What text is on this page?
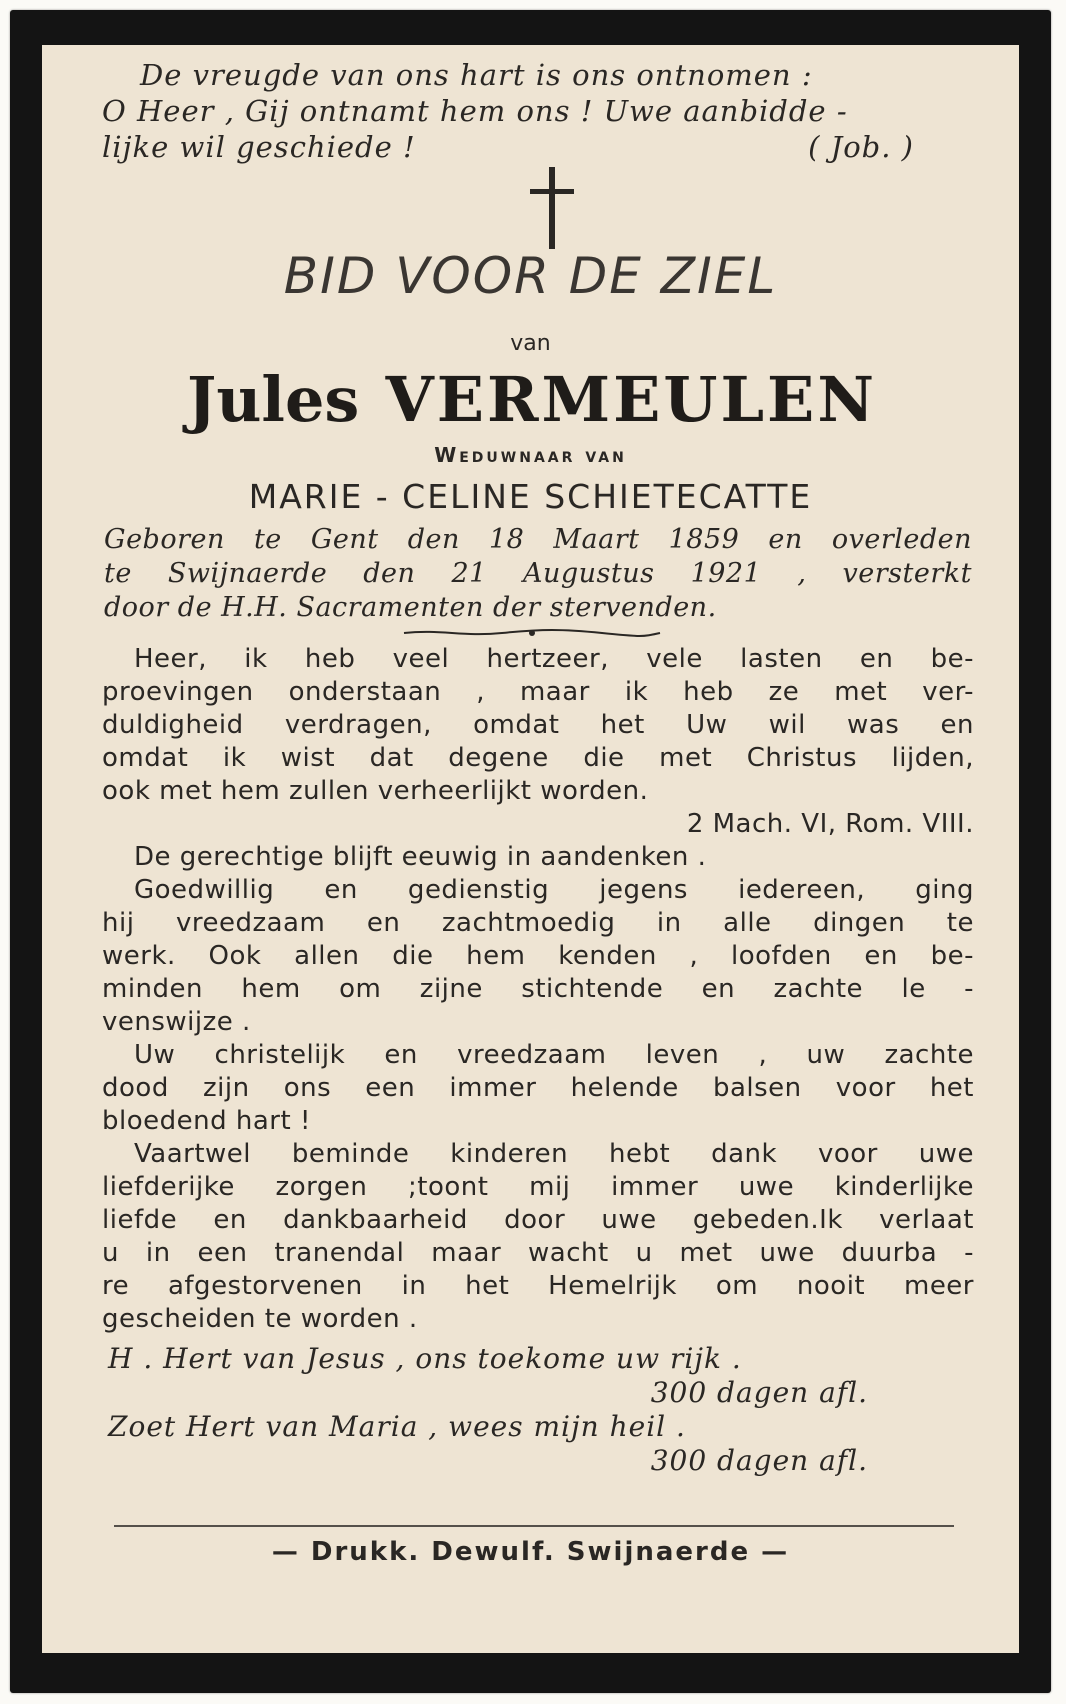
De vreugde van ons hart is ons ontnomen :
O Heer , Gij ontnamt hem ons ! Uwe aanbidde -
lijke wil geschiede !	( Job. )
BID VOOR DE ZIEL
van
Jules VERMEULEN
Weduwnaar van
MARIE - CELINE SCHIETECATTE
Geboren te Gent den 18 Maart 1859 en overleden
te Swijnaerde den 21 Augustus 1921 , versterkt
door de H.H. Sacramenten der stervenden.
Heer, ik heb veel hertzeer, vele lasten en be-
proevingen onderstaan , maar ik heb ze met ver-
duldigheid verdragen, omdat het Uw wil was en
omdat ik wist dat degene die met Christus lijden,
ook met hem zullen verheerlijkt worden.
2 Mach. VI, Rom. VIII.
De gerechtige blijft eeuwig in aandenken .
Goedwillig en gedienstig jegens iedereen, ging
hij vreedzaam en zachtmoedig in alle dingen te
werk. Ook allen die hem kenden , loofden en be-
minden hem om zijne stichtende en zachte le -
venswijze .
Uw christelijk en vreedzaam leven , uw zachte
dood zijn ons een immer helende balsen voor het
bloedend hart !
Vaartwel beminde kinderen hebt dank voor uwe
liefderijke zorgen ;toont mij immer uwe kinderlijke
liefde en dankbaarheid door uwe gebeden.Ik verlaat
u in een tranendal maar wacht u met uwe duurba -
re afgestorvenen in het Hemelrijk om nooit meer
gescheiden te worden .
H . Hert van Jesus , ons toekome uw rijk .
300 dagen afl.
Zoet Hert van Maria , wees mijn heil .
300 dagen afl.
— Drukk. Dewulf. Swijnaerde —
